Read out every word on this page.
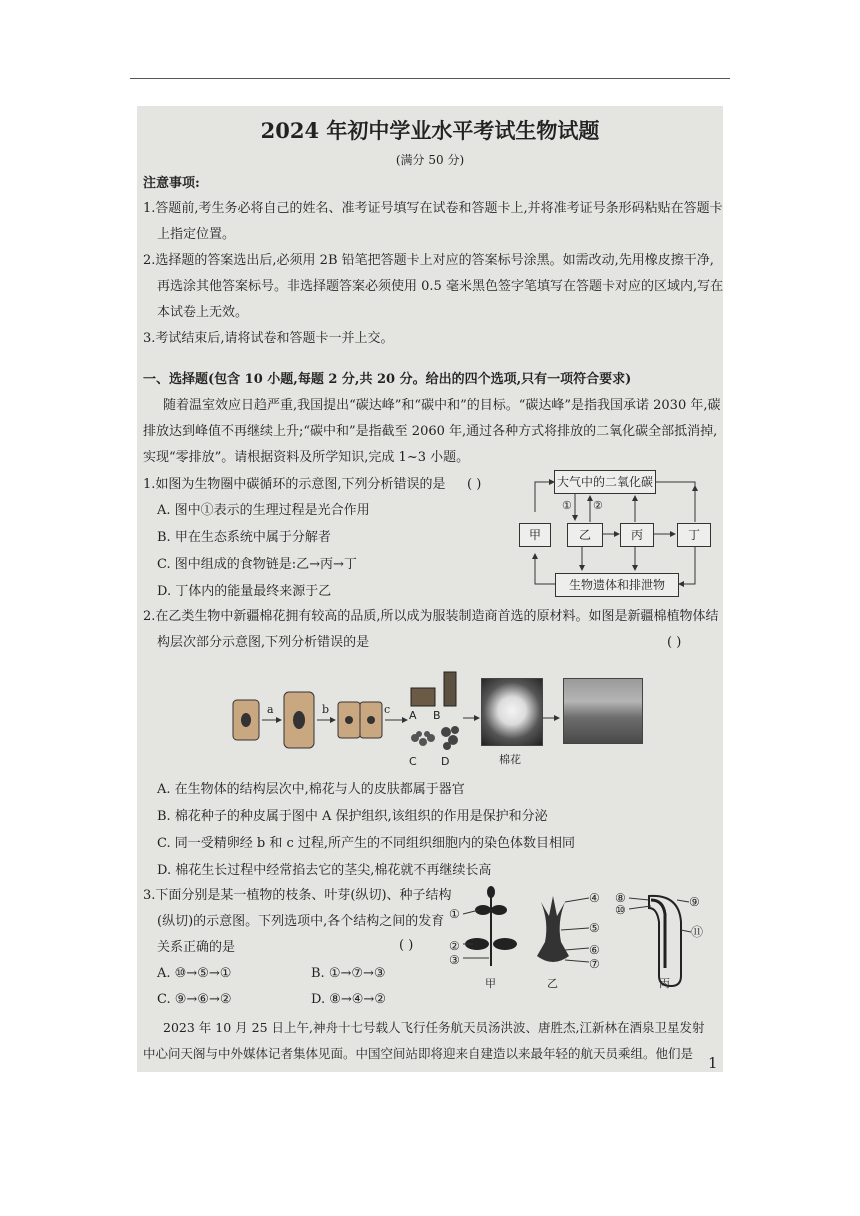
2024 年初中学业水平考试生物试题
(满分 50 分)
注意事项:
1.答题前,考生务必将自己的姓名、准考证号填写在试卷和答题卡上,并将准考证号条形码粘贴在答题卡
上指定位置。
2.选择题的答案选出后,必须用 2B 铅笔把答题卡上对应的答案标号涂黑。如需改动,先用橡皮擦干净,
再选涂其他答案标号。非选择题答案必须使用 0.5 毫米黑色签字笔填写在答题卡对应的区域内,写在
本试卷上无效。
3.考试结束后,请将试卷和答题卡一并上交。
一、选择题(包含 10 小题,每题 2 分,共 20 分。给出的四个选项,只有一项符合要求)
随着温室效应日趋严重,我国提出“碳达峰”和“碳中和”的目标。“碳达峰”是指我国承诺 2030 年,碳
排放达到峰值不再继续上升;“碳中和”是指截至 2060 年,通过各种方式将排放的二氧化碳全部抵消掉,
实现“零排放”。请根据资料及所学知识,完成 1~3 小题。
1.如图为生物圈中碳循环的示意图,下列分析错误的是 ( )
A. 图中①表示的生理过程是光合作用
B. 甲在生态系统中属于分解者
C. 图中组成的食物链是:乙→丙→丁
D. 丁体内的能量最终来源于乙
大气中的二氧化碳
甲	乙	丙	丁
生物遗体和排泄物
① ②
2.在乙类生物中新疆棉花拥有较高的品质,所以成为服装制造商首选的原材料。如图是新疆棉植物体结
构层次部分示意图,下列分析错误的是	( )
a	b	c A B
C D	棉花
A. 在生物体的结构层次中,棉花与人的皮肤都属于器官
B. 棉花种子的种皮属于图中 A 保护组织,该组织的作用是保护和分泌
C. 同一受精卵经 b 和 c 过程,所产生的不同组织细胞内的染色体数目相同
D. 棉花生长过程中经常掐去它的茎尖,棉花就不再继续长高
3.下面分别是某一植物的枝条、叶芽(纵切)、种子结构
(纵切)的示意图。下列选项中,各个结构之间的发育
关系正确的是	( )
A. ⑩→⑤→①	B. ①→⑦→③
C. ⑨→⑥→②	D. ⑧→④→②
①
②
③
④
⑤
⑥
⑦
⑧	⑨
⑩
⑪
甲	乙	丙
2023 年 10 月 25 日上午,神舟十七号载人飞行任务航天员汤洪波、唐胜杰,江新林在酒泉卫星发射
中心问天阁与中外媒体记者集体见面。中国空间站即将迎来自建造以来最年轻的航天员乘组。他们是
1
